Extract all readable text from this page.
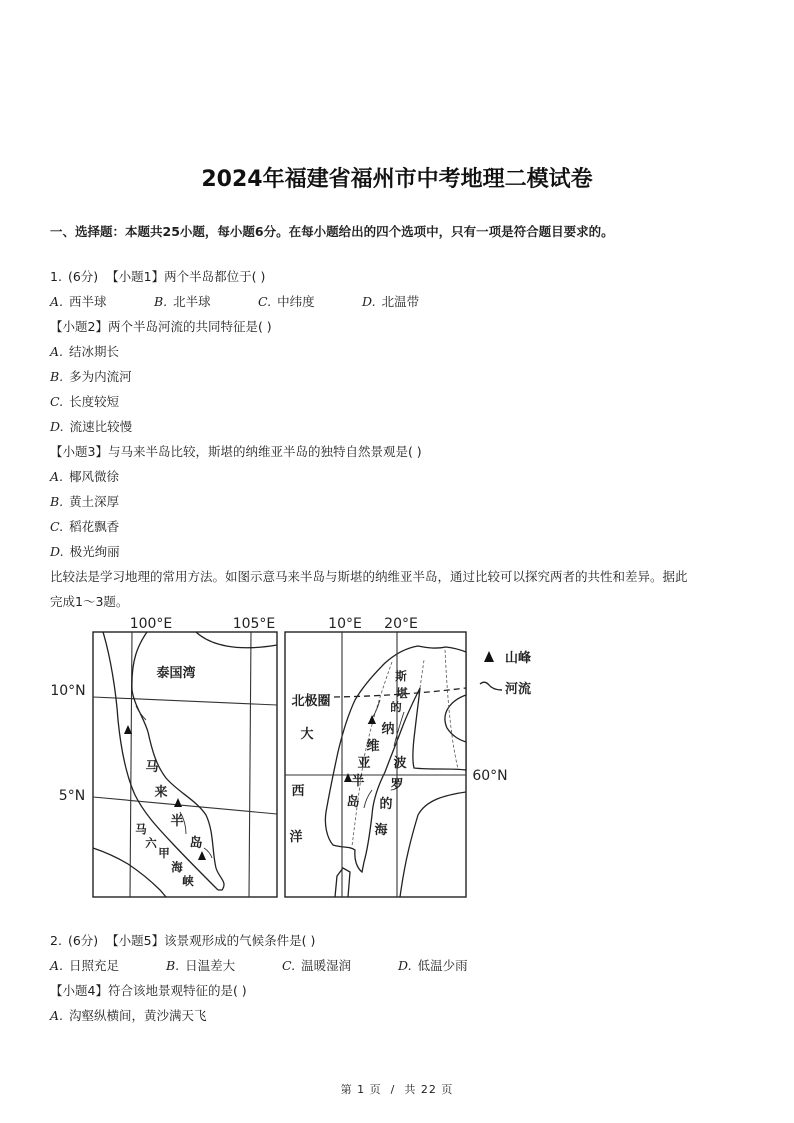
2024年福建省福州市中考地理二模试卷
一、选择题：本题共25小题，每小题6分。在每小题给出的四个选项中，只有一项是符合题目要求的。
1. (6分) 【小题1】两个半岛都位于( )
A. 西半球	B. 北半球	C. 中纬度	D. 北温带
【小题2】两个半岛河流的共同特征是( )
A. 结冰期长
B. 多为内流河
C. 长度较短
D. 流速比较慢
【小题3】与马来半岛比较，斯堪的纳维亚半岛的独特自然景观是( )
A. 椰风微徐
B. 黄土深厚
C. 稻花飘香
D. 极光绚丽
比较法是学习地理的常用方法。如图示意马来半岛与斯堪的纳维亚半岛，通过比较可以探究两者的共性和差异。据此
完成1～3题。
100°E	105°E
10°N
5°N
泰国湾
马
来
半
岛
马
六
甲
海
峡
10°E 20°E
60°N
北极圈
大
西
洋
斯
堪
的
纳
维
亚
半
岛
波
罗
的
海
山峰
河流
2. (6分) 【小题5】该景观形成的气候条件是( )
A. 日照充足	B. 日温差大	C. 温暖湿润	D. 低温少雨
【小题4】符合该地景观特征的是( )
A. 沟壑纵横间，黄沙满天飞
第 1 页  /  共 22 页
